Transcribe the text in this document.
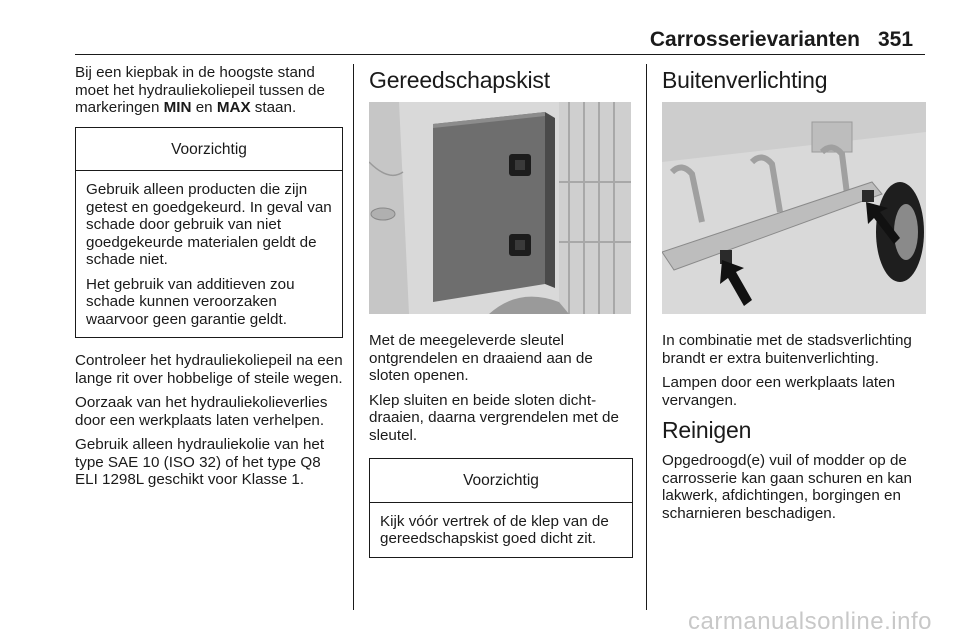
Carrosserievarianten 351

Bij een kiepbak in de hoogste stand moet het hydrauliekoliepeil tussen de markeringen MIN en MAX staan.

Voorzichtig

Gebruik alleen producten die zijn getest en goedgekeurd. In geval van schade door gebruik van niet goedgekeurde materialen geldt de schade niet.

Het gebruik van additieven zou schade kunnen veroorzaken waarvoor geen garantie geldt.

Controleer het hydrauliekoliepeil na een lange rit over hobbelige of steile wegen.

Oorzaak van het hydrauliekolieverlies door een werkplaats laten verhelpen.

Gebruik alleen hydrauliekolie van het type SAE 10 (ISO 32) of het type Q8 ELI 1298L geschikt voor Klasse 1.

Gereedschapskist

Met de meegeleverde sleutel ontgrendelen en draaiend aan de sloten openen.

Klep sluiten en beide sloten dichtdraaien, daarna vergrendelen met de sleutel.

Voorzichtig

Kijk vóór vertrek of de klep van de gereedschapskist goed dicht zit.

Buitenverlichting

In combinatie met de stadsverlichting brandt er extra buitenverlichting.

Lampen door een werkplaats laten vervangen.

Reinigen

Opgedroogd(e) vuil of modder op de carrosserie kan gaan schuren en kan lakwerk, afdichtingen, borgingen en scharnieren beschadigen.

carmanualsonline.info
